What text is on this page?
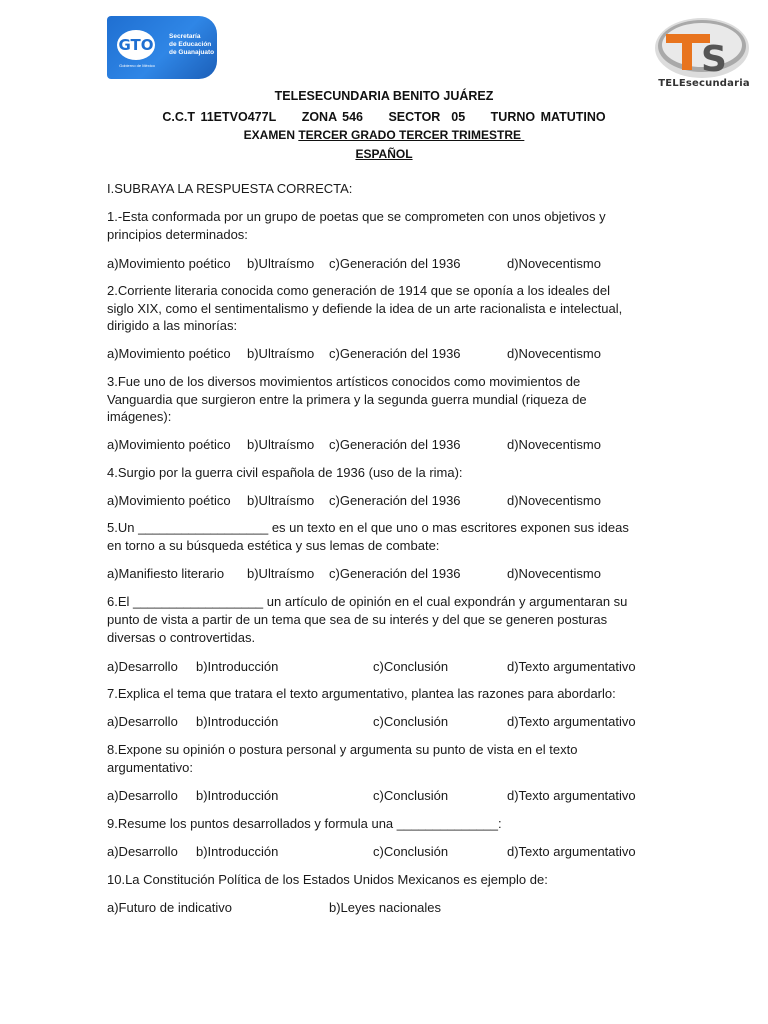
GTO
Gobierno de México
Secretaría
de Educación
de Guanajuato	S
TELEsecundaria
TELESECUNDARIA BENITO JUÁREZ
C.C.T 11ETVO477L ZONA 546 SECTOR  05 TURNO MATUTINO
EXAMEN TERCER GRADO TERCER TRIMESTRE
ESPAÑOL
I.SUBRAYA LA RESPUESTA CORRECTA:
1.-Esta conformada por un grupo de poetas que se comprometen con unos objetivos y
principios determinados:
a)Movimiento poético b)Ultraísmo c)Generación del 1936	d)Novecentismo
2.Corriente literaria conocida como generación de 1914 que se oponía a los ideales del
siglo XIX, como el sentimentalismo y defiende la idea de un arte racionalista e intelectual,
dirigido a las minorías:
a)Movimiento poético b)Ultraísmo c)Generación del 1936	d)Novecentismo
3.Fue uno de los diversos movimientos artísticos conocidos como movimientos de
Vanguardia que surgieron entre la primera y la segunda guerra mundial (riqueza de
imágenes):
a)Movimiento poético b)Ultraísmo c)Generación del 1936	d)Novecentismo
4.Surgio por la guerra civil española de 1936 (uso de la rima):
a)Movimiento poético b)Ultraísmo c)Generación del 1936	d)Novecentismo
5.Un __________________ es un texto en el que uno o mas escritores exponen sus ideas
en torno a su búsqueda estética y sus lemas de combate:
a)Manifiesto literario b)Ultraísmo c)Generación del 1936	d)Novecentismo
6.El __________________ un artículo de opinión en el cual expondrán y argumentaran su
punto de vista a partir de un tema que sea de su interés y del que se generen posturas
diversas o controvertidas.
a)Desarrollo b)Introducción	c)Conclusión	d)Texto argumentativo
7.Explica el tema que tratara el texto argumentativo, plantea las razones para abordarlo:
a)Desarrollo b)Introducción	c)Conclusión	d)Texto argumentativo
8.Expone su opinión o postura personal y argumenta su punto de vista en el texto
argumentativo:
a)Desarrollo b)Introducción	c)Conclusión	d)Texto argumentativo
9.Resume los puntos desarrollados y formula una ______________:
a)Desarrollo b)Introducción	c)Conclusión	d)Texto argumentativo
10.La Constitución Política de los Estados Unidos Mexicanos es ejemplo de:
a)Futuro de indicativo	b)Leyes nacionales
